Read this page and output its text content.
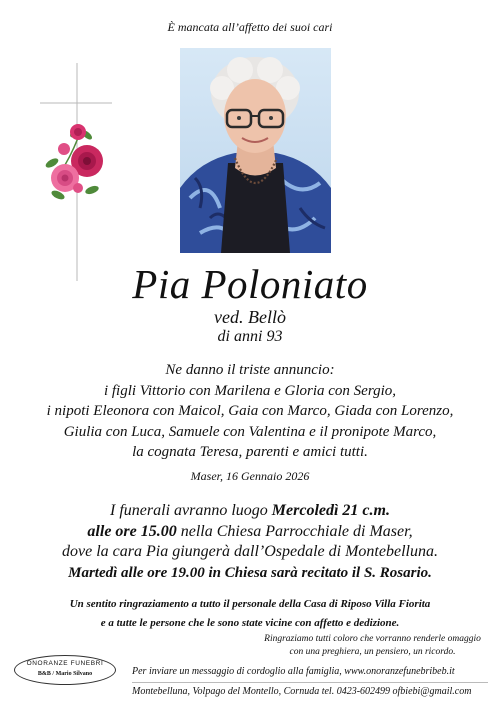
È mancata all’affetto dei suoi cari
Pia Poloniato
ved. Bellò
di anni 93
Ne danno il triste annuncio:
i figli Vittorio con Marilena e Gloria con Sergio,
i nipoti Eleonora con Maicol, Gaia con Marco, Giada con Lorenzo,
Giulia con Luca, Samuele con Valentina e il pronipote Marco,
la cognata Teresa, parenti e amici tutti.
Maser, 16 Gennaio 2026
I funerali avranno luogo Mercoledì 21 c.m.
alle ore 15.00 nella Chiesa Parrocchiale di Maser,
dove la cara Pia giungerà dall’Ospedale di Montebelluna.
Martedì alle ore 19.00 in Chiesa sarà recitato il S. Rosario.
Un sentito ringraziamento a tutto il personale della Casa di Riposo Villa Fiorita
e a tutte le persone che le sono state vicine con affetto e dedizione.
Ringraziamo tutti coloro che vorranno renderle omaggio
con una preghiera, un pensiero, un ricordo.
ONORANZE FUNEBRI
B&B / Mario Silvano	Per inviare un messaggio di cordoglio alla famiglia, www.onoranzefunebribeb.it
Montebelluna, Volpago del Montello, Cornuda tel. 0423-602499 ofbiebi@gmail.com
